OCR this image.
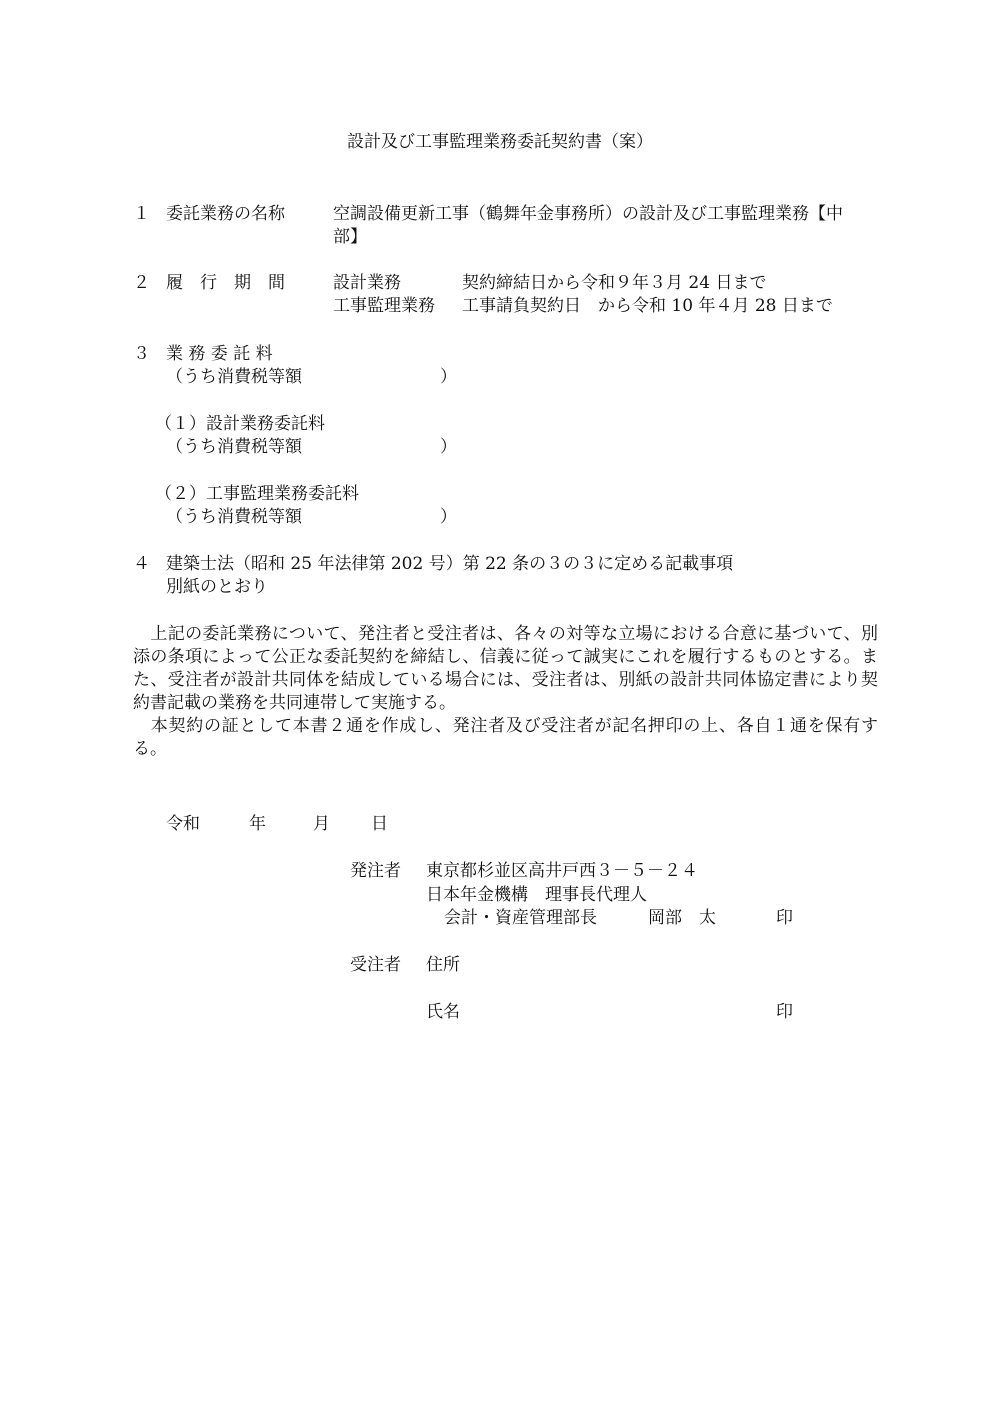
設計及び工事監理業務委託契約書（案）
１ 委託業務の名称	空調設備更新工事（鶴舞年金事務所）の設計及び工事監理業務【中
部】
２ 履　行　期　間	設計業務	契約締結日から令和９年３月 24 日まで
工事監理業務 工事請負契約日　から令和 10 年４月 28 日まで
３ 業 務 委 託 料
（うち消費税等額	）
（１）設計業務委託料
（うち消費税等額	）
（２）工事監理業務委託料
（うち消費税等額	）
４ 建築士法（昭和 25 年法律第 202 号）第 22 条の３の３に定める記載事項
別紙のとおり
　上記の委託業務について、発注者と受注者は、各々の対等な立場における合意に基づいて、別添の条項によって公正な委託契約を締結し、信義に従って誠実にこれを履行するものとする。また、受注者が設計共同体を結成している場合には、受注者は、別紙の設計共同体協定書により契約書記載の業務を共同連帯して実施する。
　本契約の証として本書２通を作成し、発注者及び受注者が記名押印の上、各自１通を保有する。
令和	年	月 日
発注者 東京都杉並区高井戸西３－５－２４
日本年金機構　理事長代理人
会計・資産管理部長	岡部　太	印
受注者 住所
氏名	印
